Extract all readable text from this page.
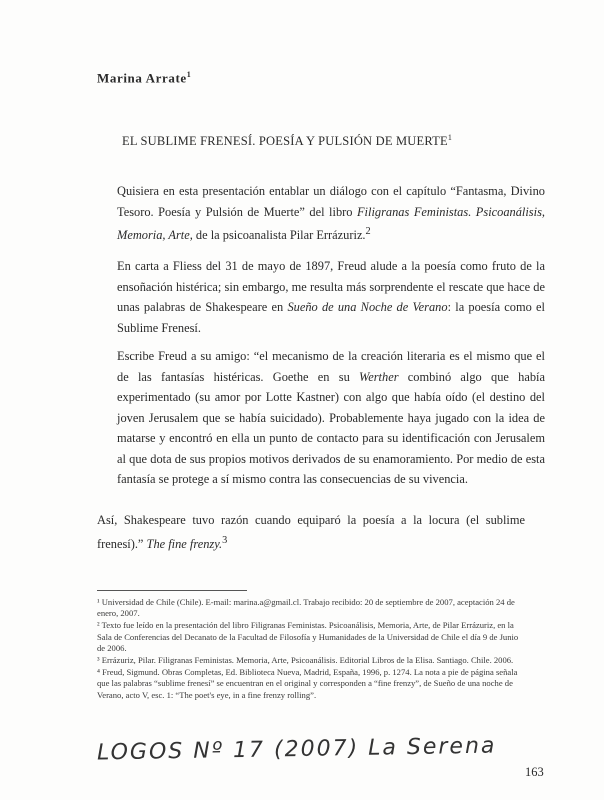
Marina Arrate$^1$
EL SUBLIME FRENESÍ. POESÍA Y PULSIÓN DE MUERTE$^1$
Quisiera en esta presentación entablar un diálogo con el capítulo “Fantasma, Divino Tesoro. Poesía y Pulsión de Muerte” del libro Filigranas Feministas. Psicoanálisis, Memoria, Arte, de la psicoanalista Pilar Errázuriz.$^2$
En carta a Fliess del 31 de mayo de 1897, Freud alude a la poesía como fruto de la ensoñación histérica; sin embargo, me resulta más sorprendente el rescate que hace de unas palabras de Shakespeare en Sueño de una Noche de Verano: la poesía como el Sublime Frenesí.
Escribe Freud a su amigo: “el mecanismo de la creación literaria es el mismo que el de las fantasías histéricas. Goethe en su Werther combinó algo que había experimentado (su amor por Lotte Kastner) con algo que había oído (el destino del joven Jerusalem que se había suicidado). Probablemente haya jugado con la idea de matarse y encontró en ella un punto de contacto para su identificación con Jerusalem al que dota de sus propios motivos derivados de su enamoramiento. Por medio de esta fantasía se protege a sí mismo contra las consecuencias de su vivencia.
Así, Shakespeare tuvo razón cuando equiparó la poesía a la locura (el sublime frenesí).” The fine frenzy.$^3$
¹ Universidad de Chile (Chile). E-mail: marina.a@gmail.cl. Trabajo recibido: 20 de septiembre de 2007, aceptación 24 de enero, 2007.
² Texto fue leído en la presentación del libro Filigranas Feministas. Psicoanálisis, Memoria, Arte, de Pilar Errázuriz, en la Sala de Conferencias del Decanato de la Facultad de Filosofía y Humanidades de la Universidad de Chile el día 9 de Junio de 2006.
³ Errázuriz, Pilar. Filigranas Feministas. Memoria, Arte, Psicoanálisis. Editorial Libros de la Elisa. Santiago. Chile. 2006.
⁴ Freud, Sigmund. Obras Completas, Ed. Biblioteca Nueva, Madrid, España, 1996, p. 1274. La nota a pie de página señala que las palabras “sublime frenesí” se encuentran en el original y corresponden a “fine frenzy”, de Sueño de una noche de Verano, acto V, esc. 1: “The poet's eye, in a fine frenzy rolling”.
LOGOS Nº 17 (2007) La Serena
163
